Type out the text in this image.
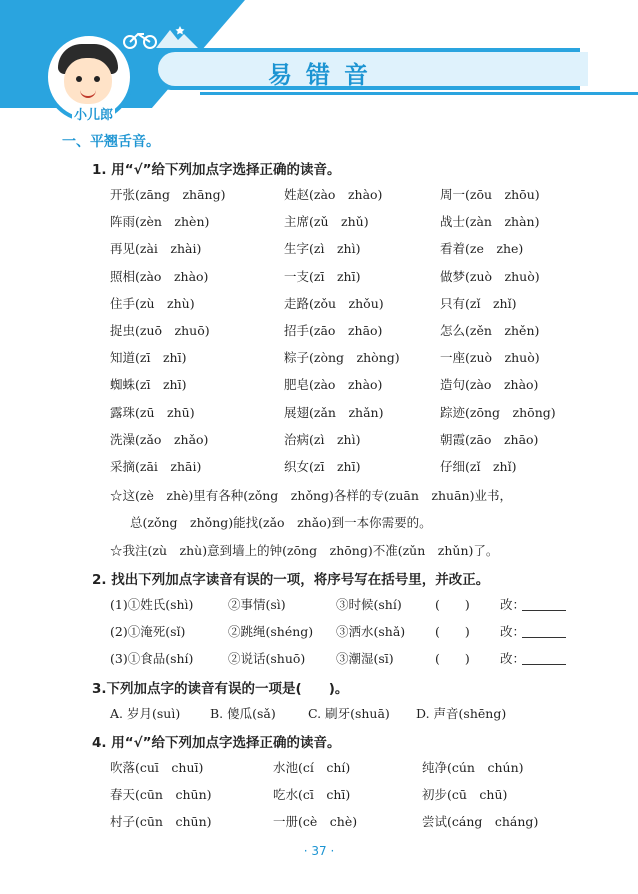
易错音
小儿郎
一、平翘舌音。
1. 用“√”给下列加点字选择正确的读音。
开张(zāng　zhāng)	姓赵(zào　zhào)	周一(zōu　zhōu)
阵雨(zèn　zhèn)	主席(zǔ　zhǔ)	战士(zàn　zhàn)
再见(zài　zhài)	生字(zì　zhì)	看着(ze　zhe)
照相(zào　zhào)	一支(zī　zhī)	做梦(zuò　zhuò)
住手(zù　zhù)	走路(zǒu　zhǒu)	只有(zǐ　zhǐ)
捉虫(zuō　zhuō)	招手(zāo　zhāo)	怎么(zěn　zhěn)
知道(zī　zhī)	粽子(zòng　zhòng)	一座(zuò　zhuò)
蜘蛛(zī　zhī)	肥皂(zào　zhào)	造句(zào　zhào)
露珠(zū　zhū)	展翅(zǎn　zhǎn)	踪迹(zōng　zhōng)
洗澡(zǎo　zhǎo)	治病(zì　zhì)	朝霞(zāo　zhāo)
采摘(zāi　zhāi)	织女(zī　zhī)	仔细(zǐ　zhǐ)
☆这(zè　zhè)里有各种(zǒng　zhǒng)各样的专(zuān　zhuān)业书，
总(zǒng　zhǒng)能找(zǎo　zhǎo)到一本你需要的。
☆我注(zù　zhù)意到墙上的钟(zōng　zhōng)不准(zǔn　zhǔn)了。
2. 找出下列加点字读音有误的一项，将序号写在括号里，并改正。
(1)①姓氏(shì)	②事情(sì)	③时候(shí)	(　　) 改：
(2)①淹死(sǐ)	②跳绳(shéng) ③洒水(shǎ) (　　) 改：
(3)①食品(shí)	②说话(shuō) ③潮湿(sī)	(　　) 改：
3.下列加点字的读音有误的一项是(　　)。
A. 岁月(suì) B. 傻瓜(sǎ)	C. 刷牙(shuā) D. 声音(shēng)
4. 用“√”给下列加点字选择正确的读音。
吹落(cuī　chuī)	水池(cí　chí)	纯净(cún　chún)
春天(cūn　chūn)	吃水(cī　chī)	初步(cū　chū)
村子(cūn　chūn)	一册(cè　chè)	尝试(cáng　cháng)
· 37 ·
